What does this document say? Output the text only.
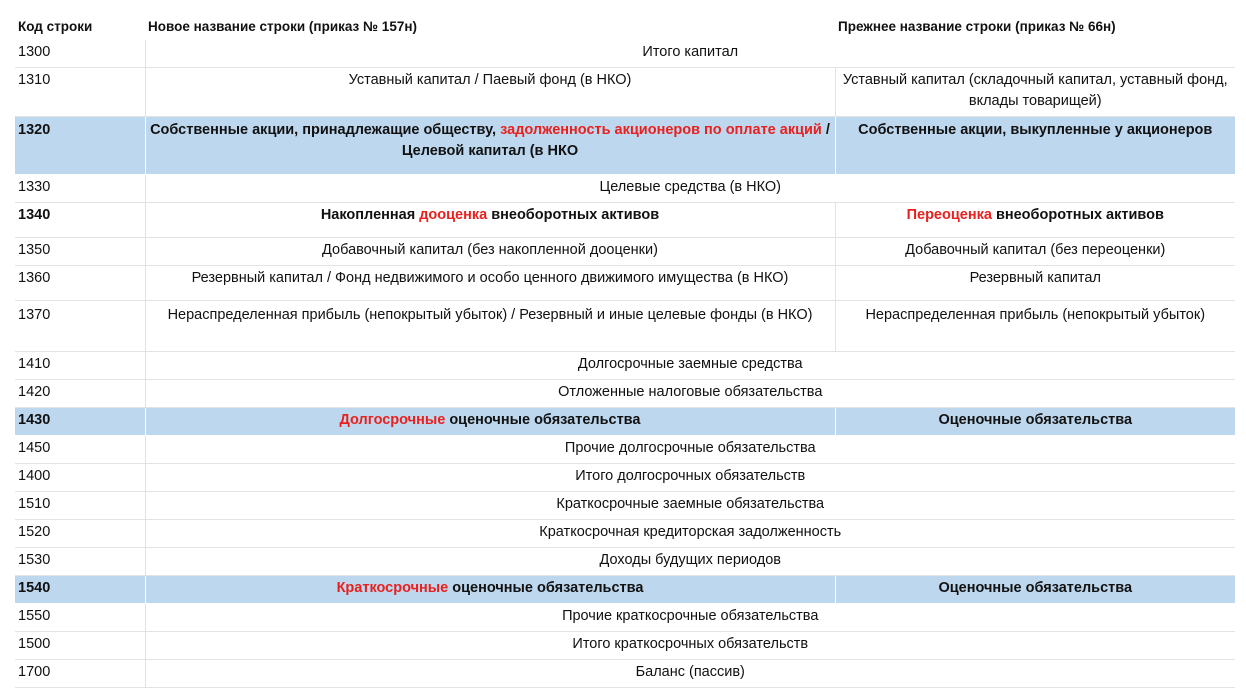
Код строки	Новое название строки (приказ № 157н)	Прежнее название строки (приказ № 66н)
1300	Итого капитал	
1310	Уставный капитал / Паевый фонд (в НКО)	Уставный капитал (складочный капитал, уставный фонд, вклады товарищей)
1320	Собственные акции, принадлежащие обществу, задолженность акционеров по оплате акций / Целевой капитал (в НКО	Собственные акции, выкупленные у акционеров
1330	Целевые средства (в НКО)	
1340	Накопленная дооценка внеоборотных активов	Переоценка внеоборотных активов
1350	Добавочный капитал (без накопленной дооценки)	Добавочный капитал (без переоценки)
1360	Резервный капитал / Фонд недвижимого и особо ценного движимого имущества (в НКО)	Резервный капитал
1370	Нераспределенная прибыль (непокрытый убыток) / Резервный и иные целевые фонды (в НКО)	Нераспределенная прибыль (непокрытый убыток)
1410	Долгосрочные заемные средства	
1420	Отложенные налоговые обязательства	
1430	Долгосрочные оценочные обязательства	Оценочные обязательства
1450	Прочие долгосрочные обязательства	
1400	Итого долгосрочных обязательств	
1510	Краткосрочные заемные обязательства	
1520	Краткосрочная кредиторская задолженность	
1530	Доходы будущих периодов	
1540	Краткосрочные оценочные обязательства	Оценочные обязательства
1550	Прочие краткосрочные обязательства	
1500	Итого краткосрочных обязательств	
1700	Баланс (пассив)	
